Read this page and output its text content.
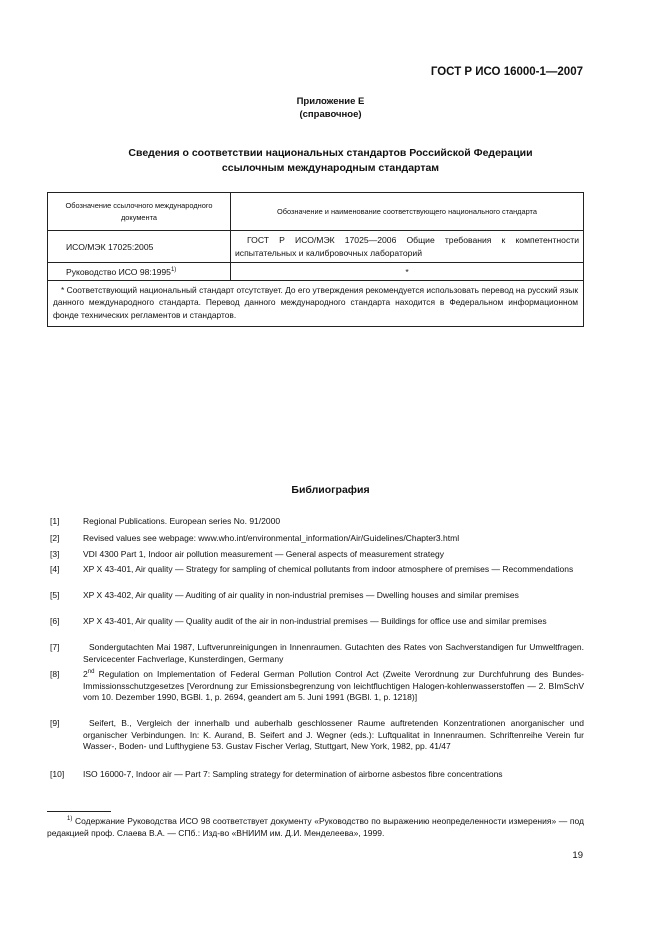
ГОСТ Р ИСО 16000-1—2007
Приложение Е
(справочное)
Сведения о соответствии национальных стандартов Российской Федерации
ссылочным международным стандартам
Обозначение ссылочного международного документа	Обозначение и наименование соответствующего национального стандарта
ИСО/МЭК 17025:2005	ГОСТ Р ИСО/МЭК 17025—2006 Общие требования к компетентности испытательных и калибровочных лабораторий
Руководство ИСО 98:1995$^{1)}$	*
* Соответствующий национальный стандарт отсутствует. До его утверждения рекомендуется использовать перевод на русский язык данного международного стандарта. Перевод данного международного стандарта находится в Федеральном информационном фонде технических регламентов и стандартов.	
Библиография
[1]	Regional Publications. European series No. 91/2000
[2]	Revised values see webpage: www.who.int/environmental_information/Air/Guidelines/Chapter3.html
[3]	VDI 4300 Part 1, Indoor air pollution measurement — General aspects of measurement strategy
[4]	XP X 43-401, Air quality — Strategy for sampling of chemical pollutants from indoor atmosphere of premises — Recommendations
[5]	XP X 43-402, Air quality — Auditing of air quality in non-industrial premises — Dwelling houses and similar premises
[6]	XP X 43-401, Air quality — Quality audit of the air in non-industrial premises — Buildings for office use and similar premises
[7]	Sondergutachten Mai 1987, Luftverunreinigungen in Innenraumen. Gutachten des Rates von Sachverstandigen fur Umweltfragen. Servicecenter Fachverlage, Kunsterdingen, Germany
[8]	2nd Regulation on Implementation of Federal German Pollution Control Act (Zweite Verordnung zur Durchfuhrung des Bundes-Immissionsschutzgesetzes [Verordnung zur Emissionsbegrenzung von leichtfluchtigen Halogen-kohlenwasserstoffen — 2. BImSchV vom 10. Dezember 1990, BGBl. 1, p. 2694, geandert am 5. Juni 1991 (BGBl. 1, p. 1218)]
[9]	Seifert, B., Vergleich der innerhalb und auberhalb geschlossener Raume auftretenden Konzentrationen anorganischer und organischer Verbindungen. In: K. Aurand, B. Seifert and J. Wegner (eds.): Luftqualitat in Innenraumen. Schriftenreihe Verein fur Wasser-, Boden- und Lufthygiene 53. Gustav Fischer Verlag, Stuttgart, New York, 1982, pp. 41/47
[10] ISO 16000-7, Indoor air — Part 7: Sampling strategy for determination of airborne asbestos fibre concentrations
$^{1)}$ Содержание Руководства ИСО 98 соответствует документу «Руководство по выражению неопределенности измерения» — под редакцией проф. Слаева В.А. — СПб.: Изд-во «ВНИИМ им. Д.И. Менделеева», 1999.
19
